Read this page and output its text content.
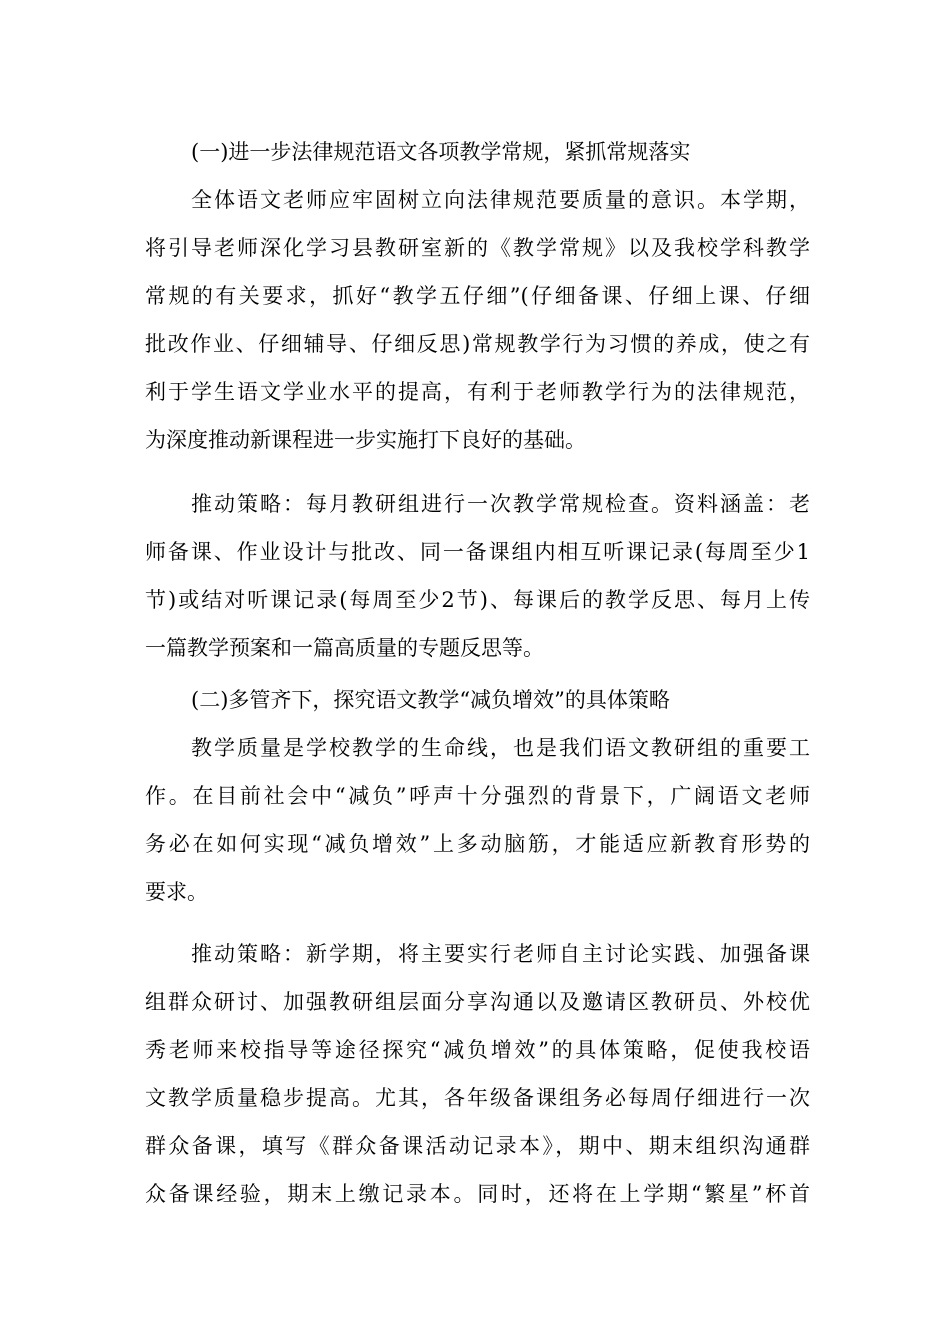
(一)进一步法律规范语文各项教学常规，紧抓常规落实
全体语文老师应牢固树立向法律规范要质量的意识。本学期，
将引导老师深化学习县教研室新的《教学常规》以及我校学科教学
常规的有关要求，抓好“教学五仔细”(仔细备课、仔细上课、仔细
批改作业、仔细辅导、仔细反思)常规教学行为习惯的养成，使之有
利于学生语文学业水平的提高，有利于老师教学行为的法律规范，
为深度推动新课程进一步实施打下良好的基础。
推动策略：每月教研组进行一次教学常规检查。资料涵盖：老
师备课、作业设计与批改、同一备课组内相互听课记录(每周至少1
节)或结对听课记录(每周至少2节)、每课后的教学反思、每月上传
一篇教学预案和一篇高质量的专题反思等。
(二)多管齐下，探究语文教学“减负增效”的具体策略
教学质量是学校教学的生命线，也是我们语文教研组的重要工
作。在目前社会中“减负”呼声十分强烈的背景下，广阔语文老师
务必在如何实现“减负增效”上多动脑筋，才能适应新教育形势的
要求。
推动策略：新学期，将主要实行老师自主讨论实践、加强备课
组群众研讨、加强教研组层面分享沟通以及邀请区教研员、外校优
秀老师来校指导等途径探究“减负增效”的具体策略，促使我校语
文教学质量稳步提高。尤其，各年级备课组务必每周仔细进行一次
群众备课，填写《群众备课活动记录本》，期中、期末组织沟通群
众备课经验，期末上缴记录本。同时，还将在上学期“繁星”杯首
